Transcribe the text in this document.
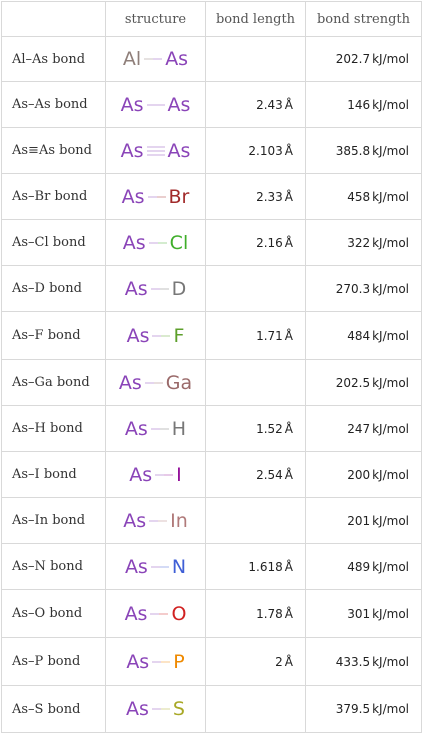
	structure	bond length	bond strength
Al–As bond	Al As		202.7 kJ/mol
As–As bond	As As	2.43 Å	146 kJ/mol
As≡As bond	As As	2.103 Å	385.8 kJ/mol
As–Br bond	As Br	2.33 Å	458 kJ/mol
As–Cl bond	As Cl	2.16 Å	322 kJ/mol
As–D bond	As D		270.3 kJ/mol
As–F bond	As F	1.71 Å	484 kJ/mol
As–Ga bond	As Ga		202.5 kJ/mol
As–H bond	As H	1.52 Å	247 kJ/mol
As–I bond	As I	2.54 Å	200 kJ/mol
As–In bond	As In		201 kJ/mol
As–N bond	As N	1.618 Å	489 kJ/mol
As–O bond	As O	1.78 Å	301 kJ/mol
As–P bond	As P	2 Å	433.5 kJ/mol
As–S bond	As S		379.5 kJ/mol
